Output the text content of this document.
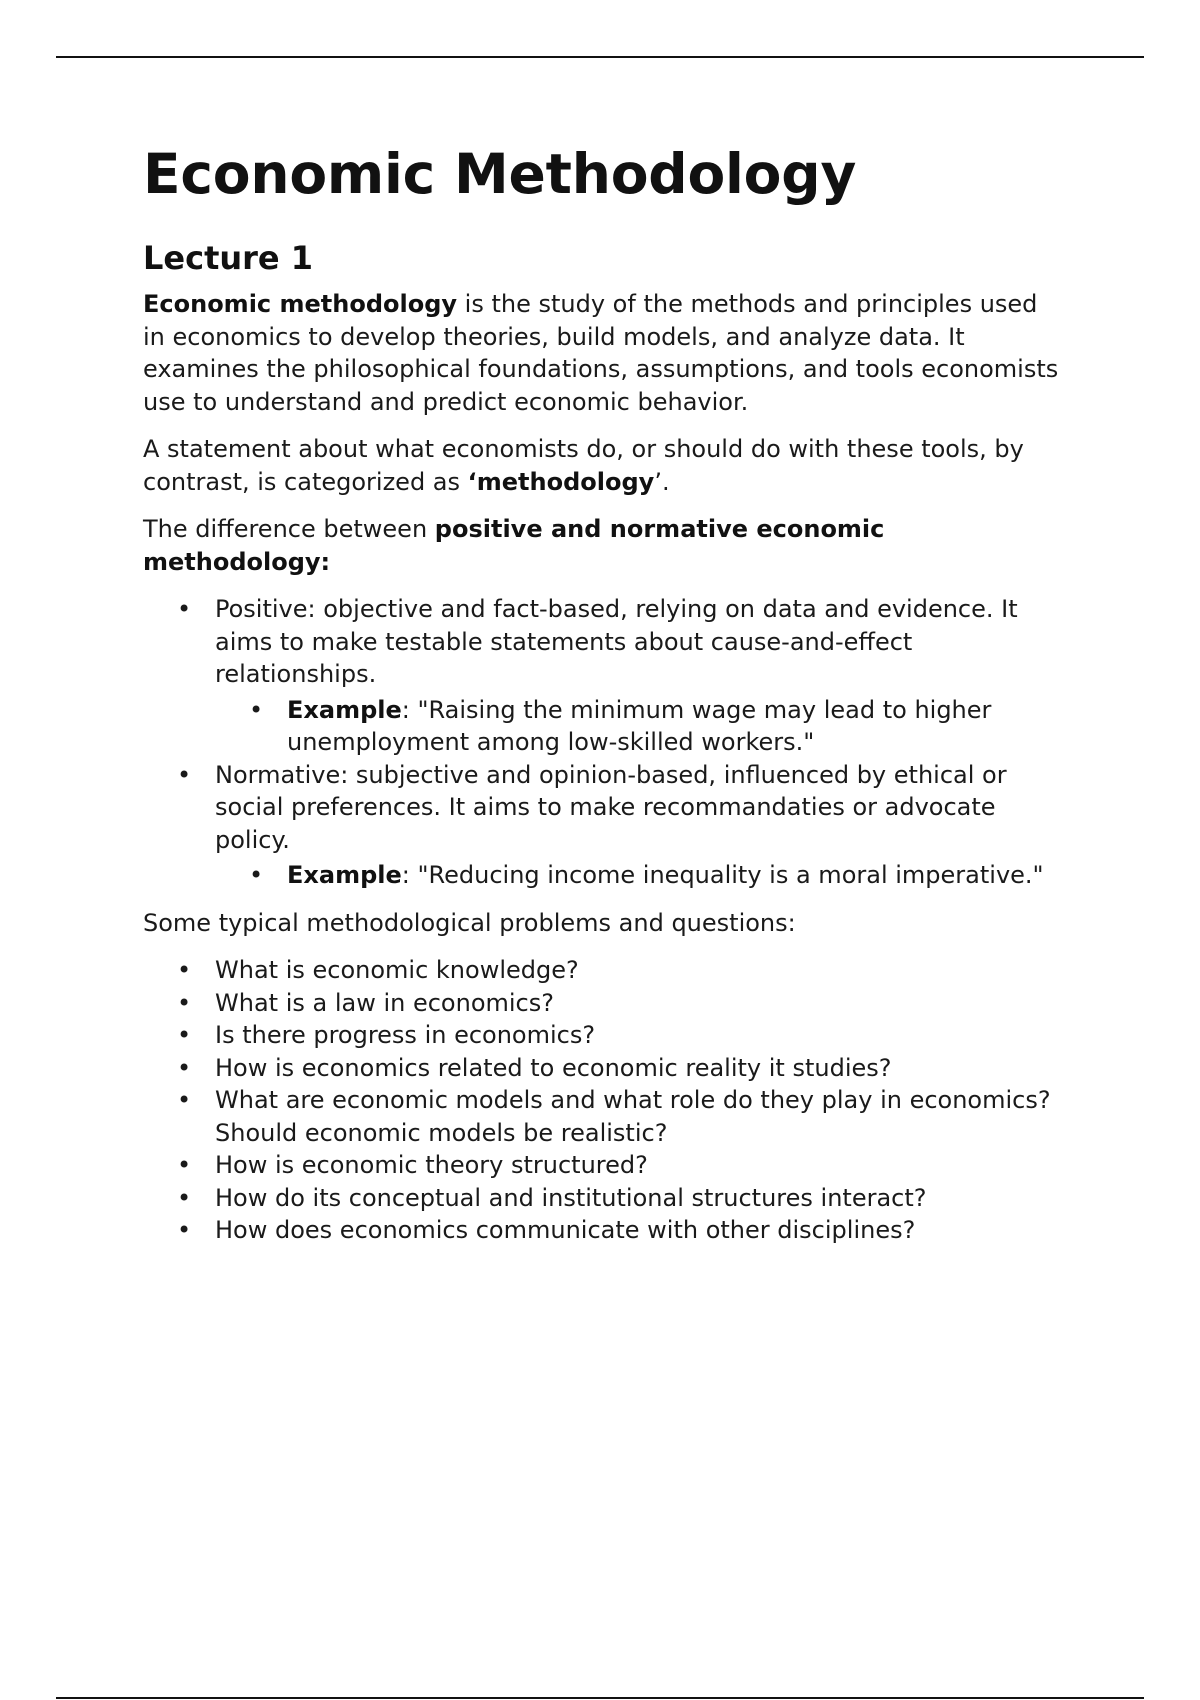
Economic Methodology
Lecture 1

Economic methodology is the study of the methods and principles used in economics to develop theories, build models, and analyze data. It examines the philosophical foundations, assumptions, and tools economists use to understand and predict economic behavior.

A statement about what economists do, or should do with these tools, by contrast, is categorized as ‘methodology’.

The difference between positive and normative economic methodology:

• Positive: objective and fact-based, relying on data and evidence. It aims to make testable statements about cause-and-effect relationships.
• Example: "Raising the minimum wage may lead to higher unemployment among low-skilled workers."
• Normative: subjective and opinion-based, influenced by ethical or social preferences. It aims to make recommandaties or advocate policy.
• Example: "Reducing income inequality is a moral imperative."

Some typical methodological problems and questions:

• What is economic knowledge?
• What is a law in economics?
• Is there progress in economics?
• How is economics related to economic reality it studies?
• What are economic models and what role do they play in economics? Should economic models be realistic?
• How is economic theory structured?
• How do its conceptual and institutional structures interact?
• How does economics communicate with other disciplines?
